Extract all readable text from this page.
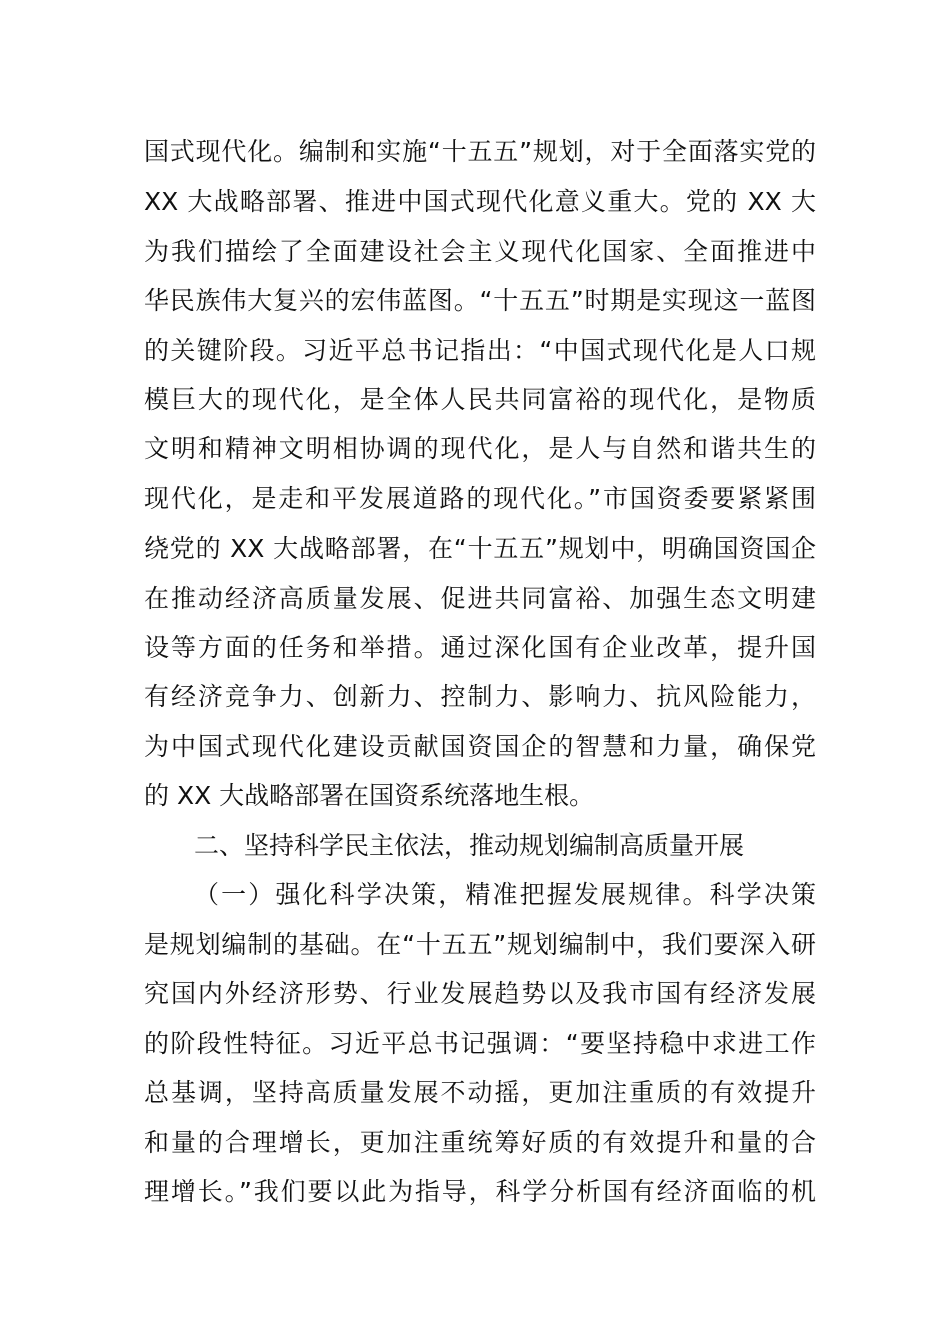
国式现代化。编制和实施“十五五”规划，对于全面落实党的
XX 大战略部署、推进中国式现代化意义重大。党的 XX 大
为我们描绘了全面建设社会主义现代化国家、全面推进中
华民族伟大复兴的宏伟蓝图。“十五五”时期是实现这一蓝图
的关键阶段。习近平总书记指出：“中国式现代化是人口规
模巨大的现代化，是全体人民共同富裕的现代化，是物质
文明和精神文明相协调的现代化，是人与自然和谐共生的
现代化，是走和平发展道路的现代化。”市国资委要紧紧围
绕党的 XX 大战略部署，在“十五五”规划中，明确国资国企
在推动经济高质量发展、促进共同富裕、加强生态文明建
设等方面的任务和举措。通过深化国有企业改革，提升国
有经济竞争力、创新力、控制力、影响力、抗风险能力，
为中国式现代化建设贡献国资国企的智慧和力量，确保党
的 XX 大战略部署在国资系统落地生根。
二、坚持科学民主依法，推动规划编制高质量开展
（一）强化科学决策，精准把握发展规律。科学决策
是规划编制的基础。在“十五五”规划编制中，我们要深入研
究国内外经济形势、行业发展趋势以及我市国有经济发展
的阶段性特征。习近平总书记强调：“要坚持稳中求进工作
总基调，坚持高质量发展不动摇，更加注重质的有效提升
和量的合理增长，更加注重统筹好质的有效提升和量的合
理增长。”我们要以此为指导，科学分析国有经济面临的机
